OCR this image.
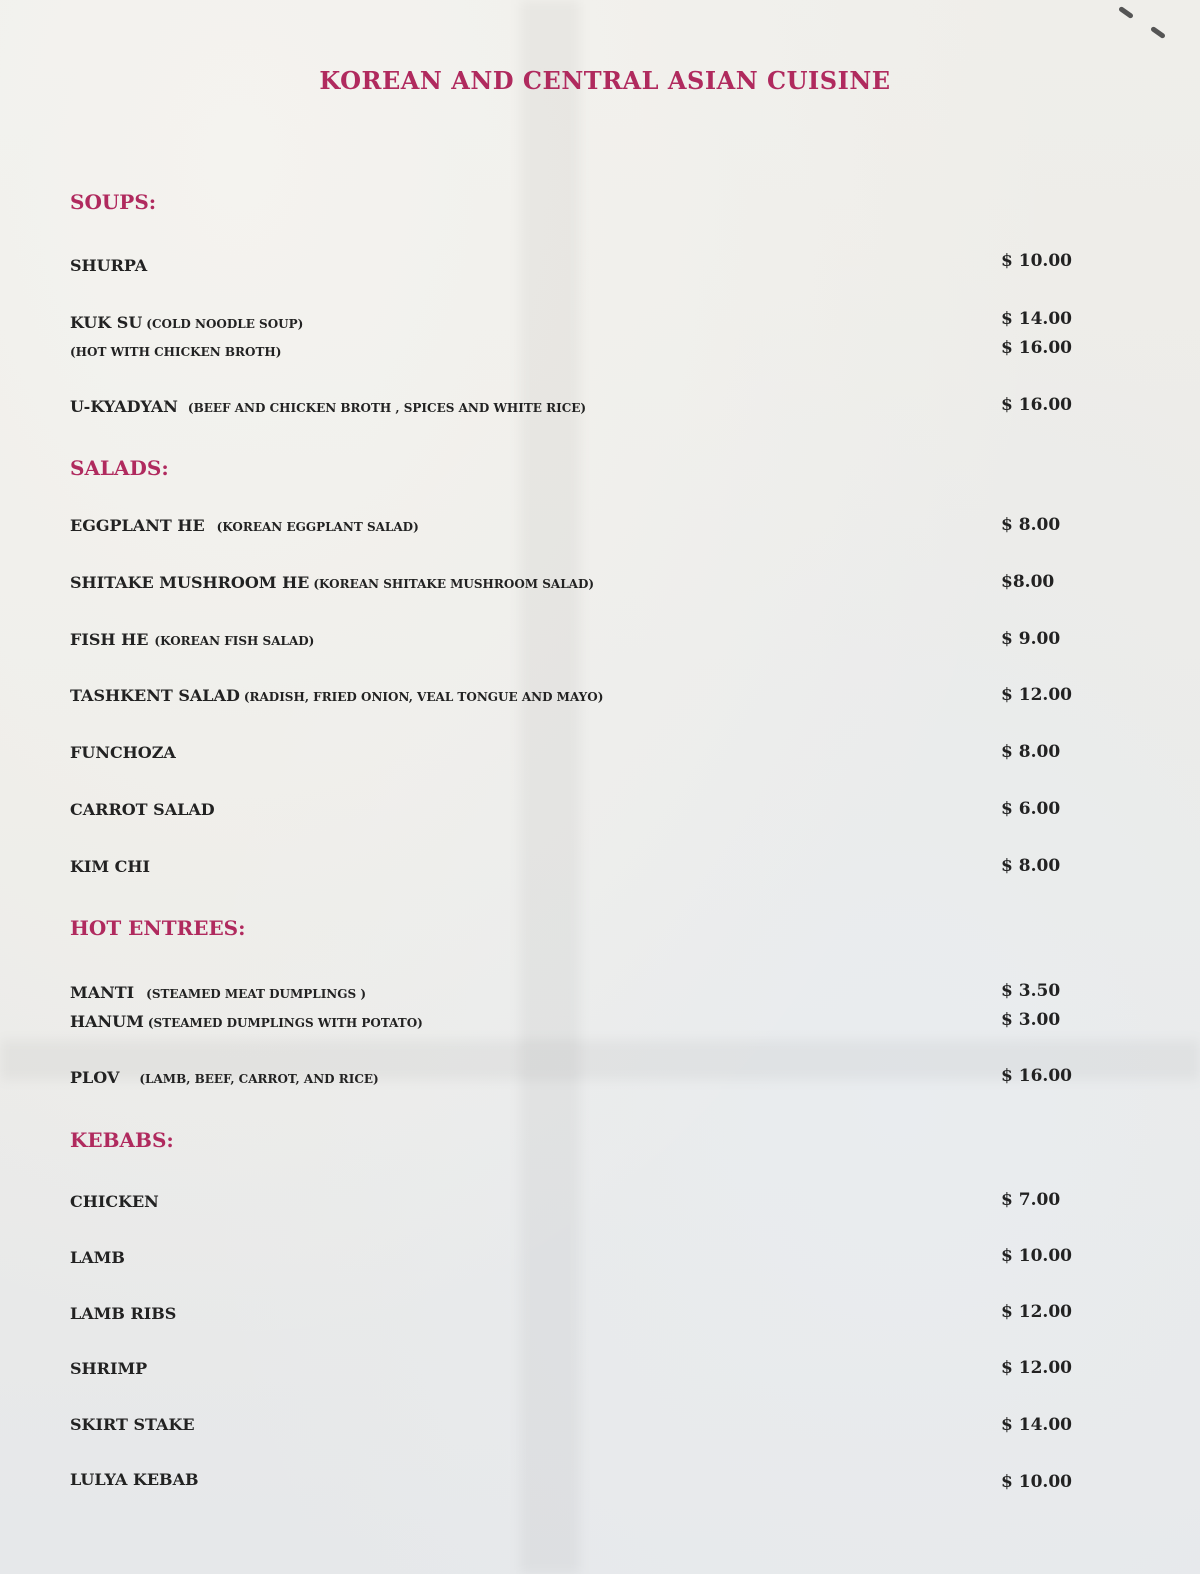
KOREAN AND CENTRAL ASIAN CUISINE
SOUPS:
SHURPA	$ 10.00
KUK SU (COLD NOODLE SOUP)	$ 14.00
(HOT WITH CHICKEN BROTH)	$ 16.00
U-KYADYAN (BEEF AND CHICKEN BROTH , SPICES AND WHITE RICE)	$ 16.00
SALADS:
EGGPLANT HE (KOREAN EGGPLANT SALAD)	$ 8.00
SHITAKE MUSHROOM HE (KOREAN SHITAKE MUSHROOM SALAD)	$8.00
FISH HE (KOREAN FISH SALAD)	$ 9.00
TASHKENT SALAD (RADISH, FRIED ONION, VEAL TONGUE AND MAYO)	$ 12.00
FUNCHOZA	$ 8.00
CARROT SALAD	$ 6.00
KIM CHI	$ 8.00
HOT ENTREES:
MANTI (STEAMED MEAT DUMPLINGS )	$ 3.50
HANUM (STEAMED DUMPLINGS WITH POTATO)	$ 3.00
PLOV (LAMB, BEEF, CARROT, AND RICE)	$ 16.00
KEBABS:
CHICKEN	$ 7.00
LAMB	$ 10.00
LAMB RIBS	$ 12.00
SHRIMP	$ 12.00
SKIRT STAKE	$ 14.00
LULYA KEBAB	$ 10.00
